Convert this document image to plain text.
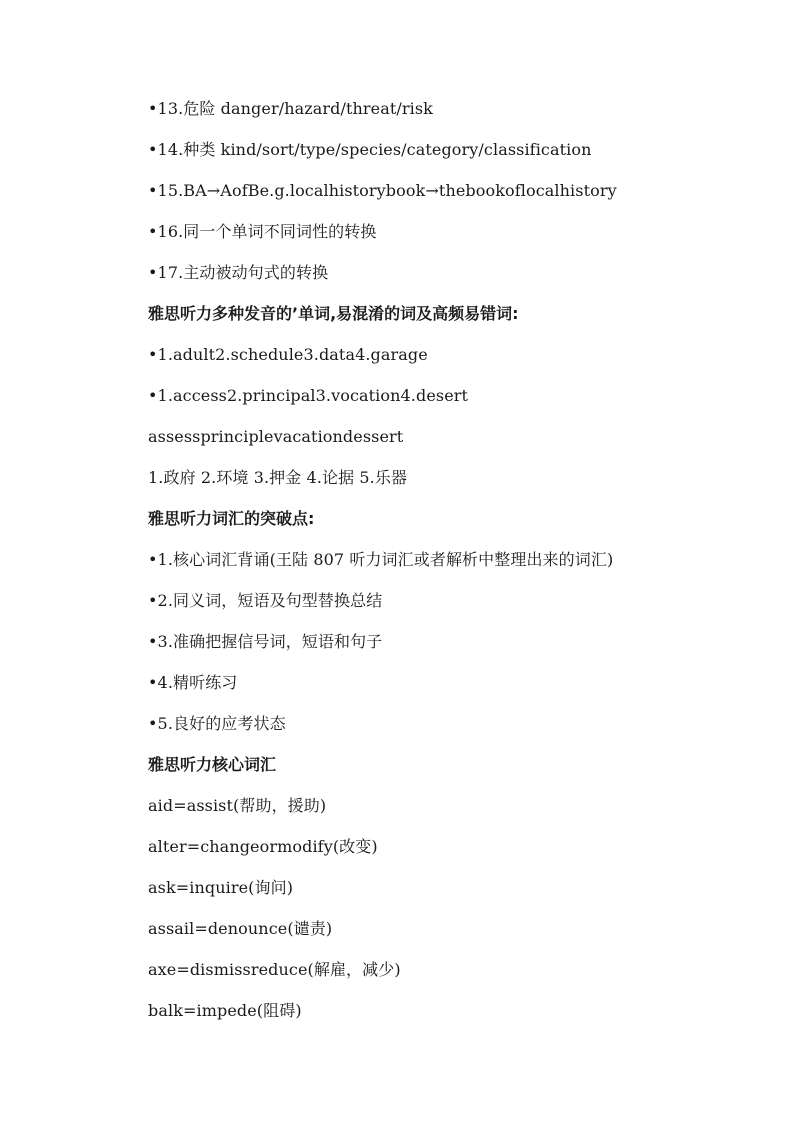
•13.危险 danger/hazard/threat/risk
•14.种类 kind/sort/type/species/category/classification
•15.BA→AofBe.g.localhistorybook→thebookoflocalhistory
•16.同一个单词不同词性的转换
•17.主动被动句式的转换
雅思听力多种发音的’单词,易混淆的词及高频易错词:
•1.adult2.schedule3.data4.garage
•1.access2.principal3.vocation4.desert
assessprinciplevacationdessert
1.政府 2.环境 3.押金 4.论据 5.乐器
雅思听力词汇的突破点:
•1.核心词汇背诵(王陆 807 听力词汇或者解析中整理出来的词汇)
•2.同义词，短语及句型替换总结
•3.准确把握信号词，短语和句子
•4.精听练习
•5.良好的应考状态
雅思听力核心词汇
aid=assist(帮助，援助)
alter=changeormodify(改变)
ask=inquire(询问)
assail=denounce(谴责)
axe=dismissreduce(解雇，减少)
balk=impede(阻碍)
